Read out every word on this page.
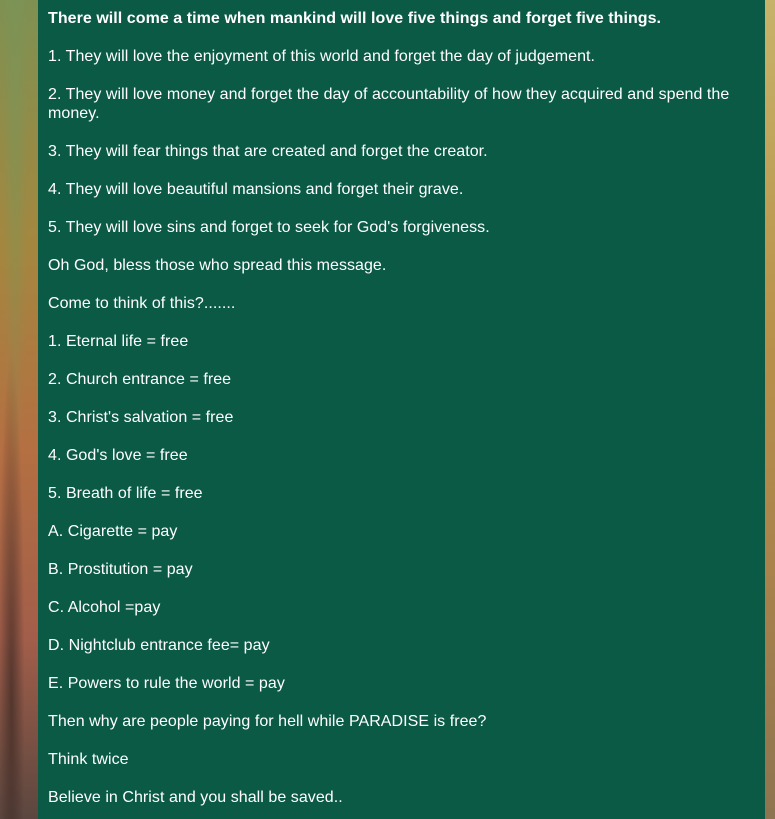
There will come a time when mankind will love five things and forget five things.

1. They will love the enjoyment of this world and forget the day of judgement.

2. They will love money and forget the day of accountability of how they acquired and spend the money.

3. They will fear things that are created and forget the creator.

4. They will love beautiful mansions and forget their grave.

5. They will love sins and forget to seek for God's forgiveness.

Oh God, bless those who spread this message.

Come to think of this?.......

1. Eternal life = free

2. Church entrance = free

3. Christ's salvation = free

4. God's love = free

5. Breath of life = free

A. Cigarette = pay

B. Prostitution = pay

C. Alcohol =pay

D. Nightclub entrance fee= pay

E. Powers to rule the world = pay

Then why are people paying for hell while PARADISE is free?

Think twice

Believe in Christ and you shall be saved..
